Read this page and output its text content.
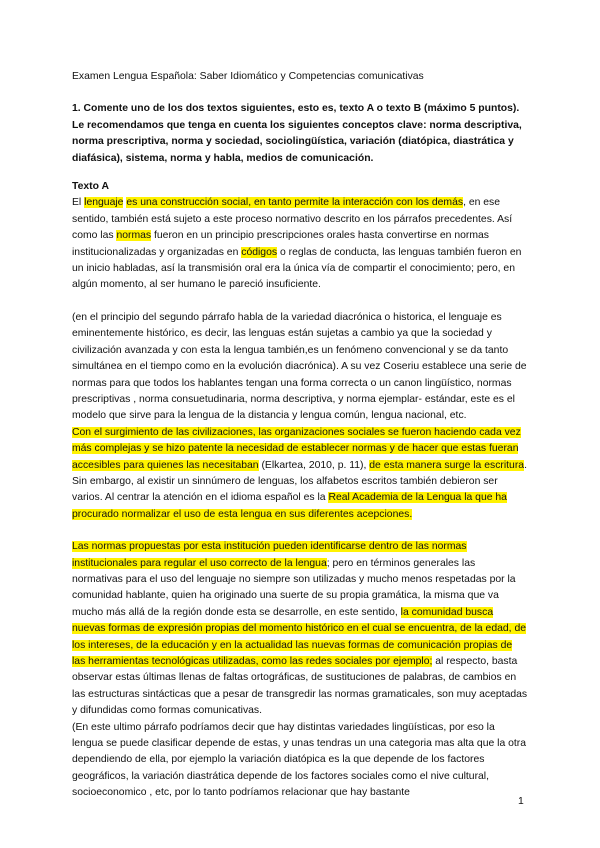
Examen Lengua Española: Saber Idiomático y Competencias comunicativas
1. Comente uno de los dos textos siguientes, esto es, texto A o texto B (máximo 5 puntos). Le recomendamos que tenga en cuenta los siguientes conceptos clave: norma descriptiva, norma prescriptiva, norma y sociedad, sociolingüística, variación (diatópica, diastrática y diafásica), sistema, norma y habla, medios de comunicación.
Texto A
El lenguaje es una construcción social, en tanto permite la interacción con los demás, en ese sentido, también está sujeto a este proceso normativo descrito en los párrafos precedentes. Así como las normas fueron en un principio prescripciones orales hasta convertirse en normas institucionalizadas y organizadas en códigos o reglas de conducta, las lenguas también fueron en un inicio habladas, así la transmisión oral era la única vía de compartir el conocimiento; pero, en algún momento, al ser humano le pareció insuficiente.
(en el principio del segundo párrafo habla de la variedad diacrónica o historica, el lenguaje es eminentemente histórico, es decir, las lenguas están sujetas a cambio ya que la sociedad y civilización avanzada y con esta la lengua también,es un fenómeno convencional y se da tanto simultánea en el tiempo como en la evolución diacrónica). A su vez Coseriu establece una serie de normas para que todos los hablantes tengan una forma correcta o un canon lingüístico, normas prescriptivas , norma consuetudinaria, norma descriptiva, y norma ejemplar- estándar, este es el modelo que sirve para la lengua de la distancia y lengua común, lengua nacional, etc.
Con el surgimiento de las civilizaciones, las organizaciones sociales se fueron haciendo cada vez más complejas y se hizo patente la necesidad de establecer normas y de hacer que estas fueran accesibles para quienes las necesitaban (Elkartea, 2010, p. 11), de esta manera surge la escritura. Sin embargo, al existir un sinnúmero de lenguas, los alfabetos escritos también debieron ser varios. Al centrar la atención en el idioma español es la Real Academia de la Lengua la que ha procurado normalizar el uso de esta lengua en sus diferentes acepciones.
Las normas propuestas por esta institución pueden identificarse dentro de las normas institucionales para regular el uso correcto de la lengua; pero en términos generales las normativas para el uso del lenguaje no siempre son utilizadas y mucho menos respetadas por la comunidad hablante, quien ha originado una suerte de su propia gramática, la misma que va mucho más allá de la región donde esta se desarrolle, en este sentido, la comunidad busca nuevas formas de expresión propias del momento histórico en el cual se encuentra, de la edad, de los intereses, de la educación y en la actualidad las nuevas formas de comunicación propias de las herramientas tecnológicas utilizadas, como las redes sociales por ejemplo; al respecto, basta observar estas últimas llenas de faltas ortográficas, de sustituciones de palabras, de cambios en las estructuras sintácticas que a pesar de transgredir las normas gramaticales, son muy aceptadas y difundidas como formas comunicativas.
(En este ultimo párrafo podríamos decir que hay distintas variedades lingüísticas, por eso la lengua se puede clasificar depende de estas, y unas tendras un una categoria mas alta que la otra dependiendo de ella, por ejemplo la variación diatópica es la que depende de los factores geográficos, la variación diastrática depende de los factores sociales como el nive cultural, socioeconomico , etc, por lo tanto podríamos relacionar que hay bastante
1
